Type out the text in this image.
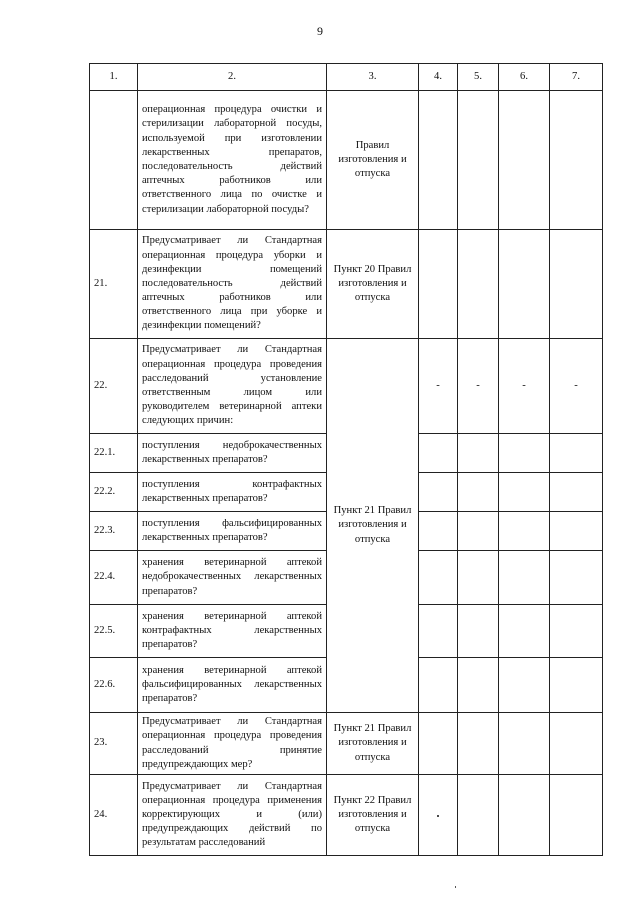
9
1.	2.	3.	4.	5.	6.	7.
	операционная процедура очистки и стерилизации лабораторной посуды, используемой при изготовлении лекарственных препаратов, последовательность действий аптечных работников или ответственного лица по очистке и стерилизации лабораторной посуды?	Правил изготовления и отпуска				
21.	Предусматривает ли Стандартная операционная процедура уборки и дезинфекции помещений последовательность действий аптечных работников или ответственного лица при уборке и дезинфекции помещений?	Пункт 20 Правил изготовления и отпуска				
22.	Предусматривает ли Стандартная операционная процедура проведения расследований установление ответственным лицом или руководителем ветеринарной аптеки следующих причин:	Пункт 21 Правил изготовления и отпуска	-	-	-	-
22.1.	поступления недоброкачественных лекарственных препаратов?					
22.2.	поступления контрафактных лекарственных препаратов?					
22.3.	поступления фальсифицированных лекарственных препаратов?					
22.4.	хранения ветеринарной аптекой недоброкачественных лекарственных препаратов?					
22.5.	хранения ветеринарной аптекой контрафактных лекарственных препаратов?					
22.6.	хранения ветеринарной аптекой фальсифицированных лекарственных препаратов?					
23.	Предусматривает ли Стандартная операционная процедура проведения расследований принятие предупреждающих мер?	Пункт 21 Правил изготовления и отпуска				
24.	Предусматривает ли Стандартная операционная процедура применения корректирующих и (или) предупреждающих действий по результатам расследований	Пункт 22 Правил изготовления и отпуска				
